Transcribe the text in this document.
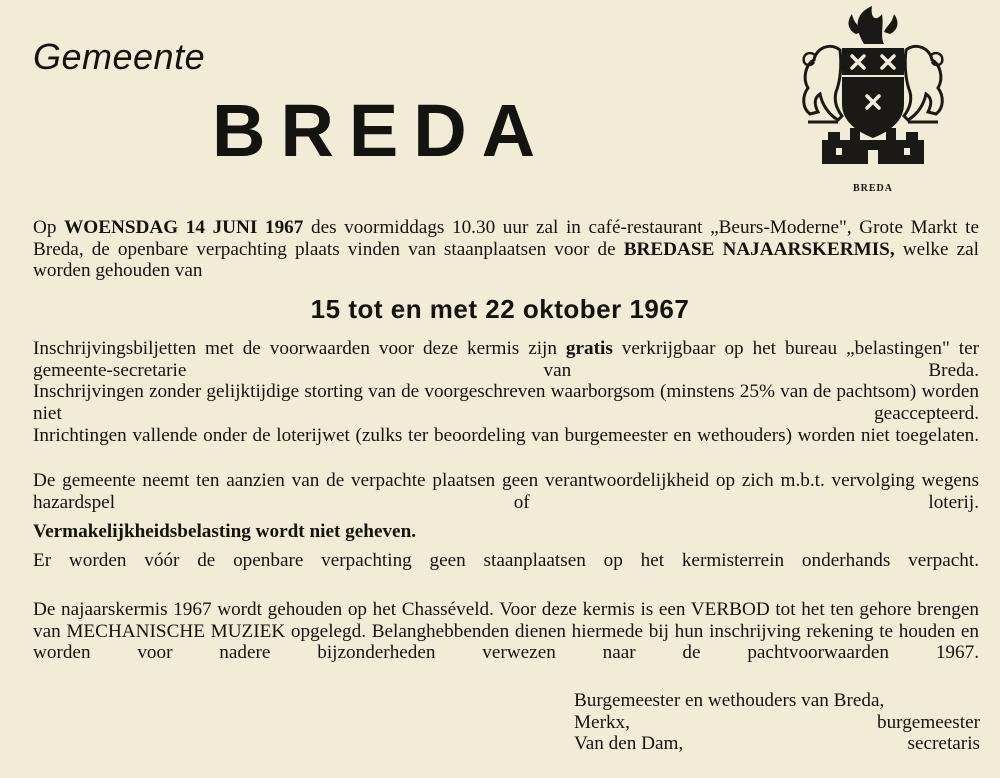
Gemeente
BREDA
BREDA
Op WOENSDAG 14 JUNI 1967 des voormiddags 10.30 uur zal in café-restaurant „Beurs-Moderne", Grote Markt te Breda, de openbare verpachting plaats vinden van staanplaatsen voor de BREDASE NAJAARSKERMIS, welke zal worden gehouden van
15 tot en met 22 oktober 1967
Inschrijvingsbiljetten met de voorwaarden voor deze kermis zijn gratis verkrijgbaar op het bureau „belastingen" ter gemeente-secretarie van Breda.
Inschrijvingen zonder gelijktijdige storting van de voorgeschreven waarborgsom (minstens 25% van de pachtsom) worden niet geaccepteerd.
Inrichtingen vallende onder de loterijwet (zulks ter beoordeling van burgemeester en wethouders) worden niet toegelaten.
De gemeente neemt ten aanzien van de verpachte plaatsen geen verantwoordelijkheid op zich m.b.t. vervolging wegens hazardspel of loterij.
Vermakelijkheidsbelasting wordt niet geheven.
Er worden vóór de openbare verpachting geen staanplaatsen op het kermisterrein onderhands verpacht.
De najaarskermis 1967 wordt gehouden op het Chasséveld. Voor deze kermis is een VERBOD tot het ten gehore brengen van MECHANISCHE MUZIEK opgelegd. Belanghebbenden dienen hiermede bij hun inschrijving rekening te houden en worden voor nadere bijzonderheden verwezen naar de pachtvoorwaarden 1967.
Burgemeester en wethouders van Breda,
Merkx,	burgemeester
Van den Dam,	secretaris
